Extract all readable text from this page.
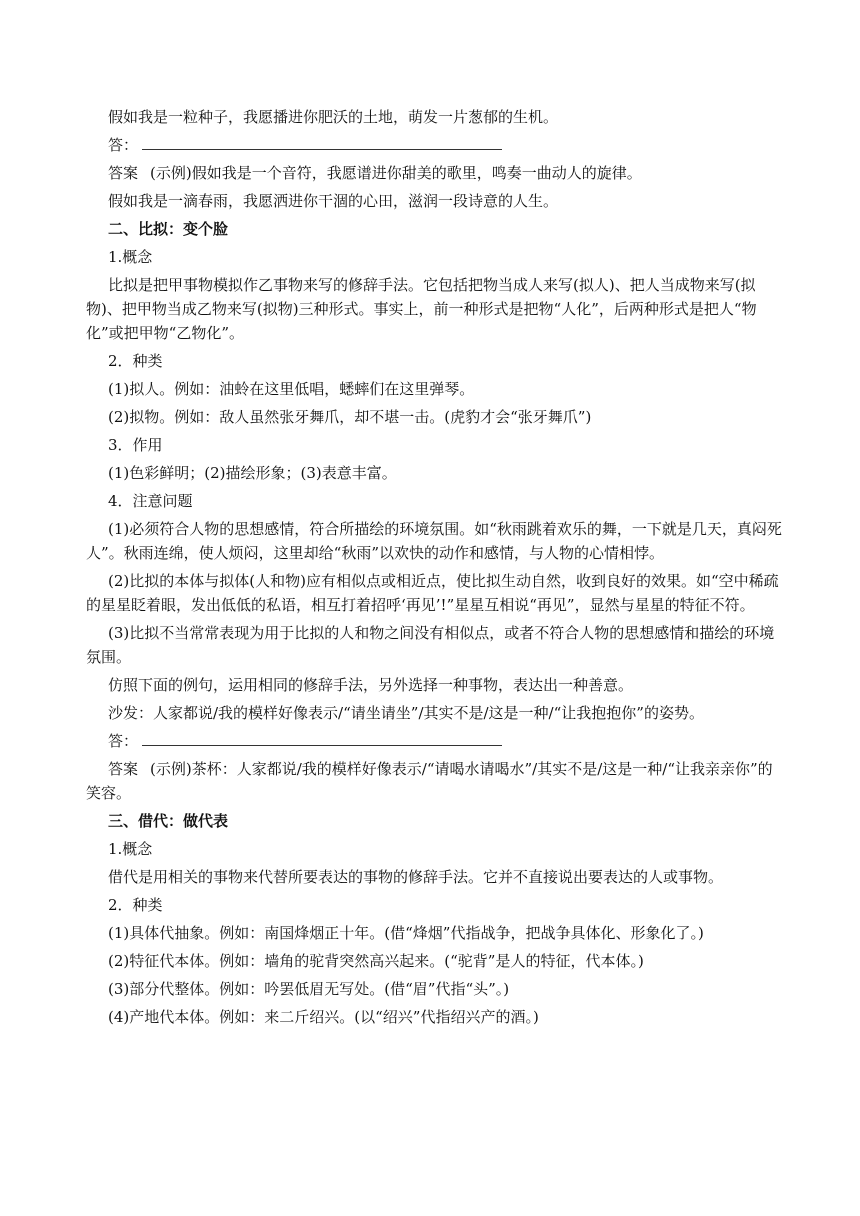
假如我是一粒种子，我愿播进你肥沃的土地，萌发一片葱郁的生机。

答：

答案 (示例)假如我是一个音符，我愿谱进你甜美的歌里，鸣奏一曲动人的旋律。

假如我是一滴春雨，我愿洒进你干涸的心田，滋润一段诗意的人生。

二、比拟：变个脸

1.概念

比拟是把甲事物模拟作乙事物来写的修辞手法。它包括把物当成人来写(拟人)、把人当成物来写(拟物)、把甲物当成乙物来写(拟物)三种形式。事实上，前一种形式是把物“人化”，后两种形式是把人“物化”或把甲物“乙物化”。

2．种类

(1)拟人。例如：油蛉在这里低唱，蟋蟀们在这里弹琴。

(2)拟物。例如：敌人虽然张牙舞爪，却不堪一击。(虎豹才会“张牙舞爪”)

3．作用

(1)色彩鲜明；(2)描绘形象；(3)表意丰富。

4．注意问题

(1)必须符合人物的思想感情，符合所描绘的环境氛围。如“秋雨跳着欢乐的舞，一下就是几天，真闷死人”。秋雨连绵，使人烦闷，这里却给“秋雨”以欢快的动作和感情，与人物的心情相悖。

(2)比拟的本体与拟体(人和物)应有相似点或相近点，使比拟生动自然，收到良好的效果。如“空中稀疏的星星眨着眼，发出低低的私语，相互打着招呼‘再见’!”星星互相说“再见”，显然与星星的特征不符。

(3)比拟不当常常表现为用于比拟的人和物之间没有相似点，或者不符合人物的思想感情和描绘的环境氛围。

仿照下面的例句，运用相同的修辞手法，另外选择一种事物，表达出一种善意。

沙发：人家都说/我的模样好像表示/“请坐请坐”/其实不是/这是一种/“让我抱抱你”的姿势。

答：

答案 (示例)茶杯：人家都说/我的模样好像表示/“请喝水请喝水”/其实不是/这是一种/“让我亲亲你”的笑容。

三、借代：做代表

1.概念

借代是用相关的事物来代替所要表达的事物的修辞手法。它并不直接说出要表达的人或事物。

2．种类

(1)具体代抽象。例如：南国烽烟正十年。(借“烽烟”代指战争，把战争具体化、形象化了。)

(2)特征代本体。例如：墙角的驼背突然高兴起来。(“驼背”是人的特征，代本体。)

(3)部分代整体。例如：吟罢低眉无写处。(借“眉”代指“头”。)

(4)产地代本体。例如：来二斤绍兴。(以“绍兴”代指绍兴产的酒。)
